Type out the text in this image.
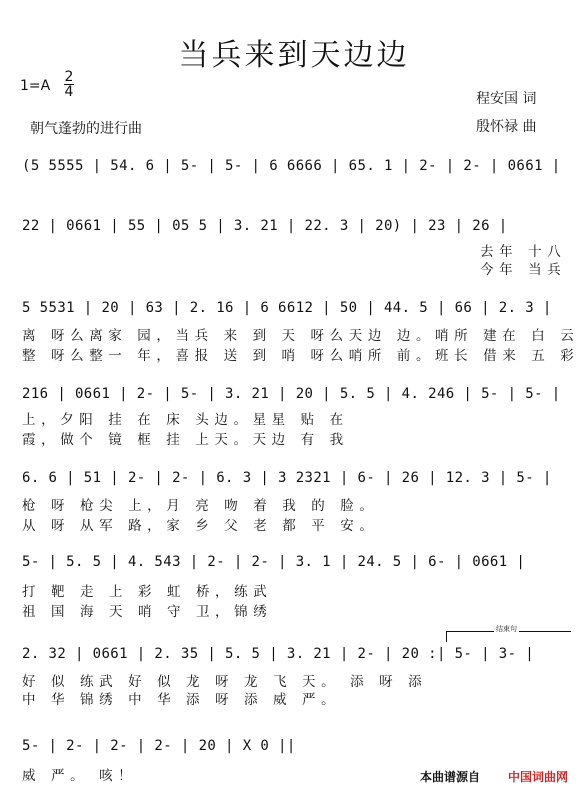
当兵来到天边边
1=A
2
4
朝气蓬勃的进行曲
程安国 词
殷怀禄 曲
(5 5555 | 54. 6 | 5- | 5- | 6 6666 | 65. 1 | 2- | 2- | 0661 |
22 | 0661 | 55 | 05 5 | 3. 21 | 22. 3 | 20) | 23 | 26 |
去年 十八
今年 当兵
5 5531 | 20 | 63 | 2. 16 | 6 6612 | 50 | 44. 5 | 66 | 2. 3 |
离 呀么离家 园，当兵 来 到 天 呀么天边 边。哨所 建在 白 云
整 呀么整一 年，喜报 送 到 哨 呀么哨所 前。班长 借来 五 彩
216 | 0661 | 2- | 5- | 3. 21 | 20 | 5. 5 | 4. 246 | 5- | 5- |
上，夕阳 挂 在 床 头边。星星 贴 在
霞，做个 镜 框 挂 上天。天边 有 我
6. 6 | 51 | 2- | 2- | 6. 3 | 3 2321 | 6- | 26 | 12. 3 | 5- |
枪 呀 枪尖 上，月 亮 吻 着 我 的 脸。
从 呀 从军 路，家 乡 父 老 都 平 安。
5- | 5. 5 | 4. 543 | 2- | 2- | 3. 1 | 24. 5 | 6- | 0661 |
打 靶 走 上 彩 虹 桥，练武
祖 国 海 天 哨 守 卫，锦绣
结束句
2. 32 | 0661 | 2. 35 | 5. 5 | 3. 21 | 2- | 20 :| 5- | 3- |
好 似 练武 好 似 龙 呀 龙 飞 天。 添 呀 添
中 华 锦绣 中 华 添 呀 添 威 严。
5- | 2- | 2- | 2- | 20 | X 0 ||
威 严。 咳！	本曲谱源自 中国词曲网
